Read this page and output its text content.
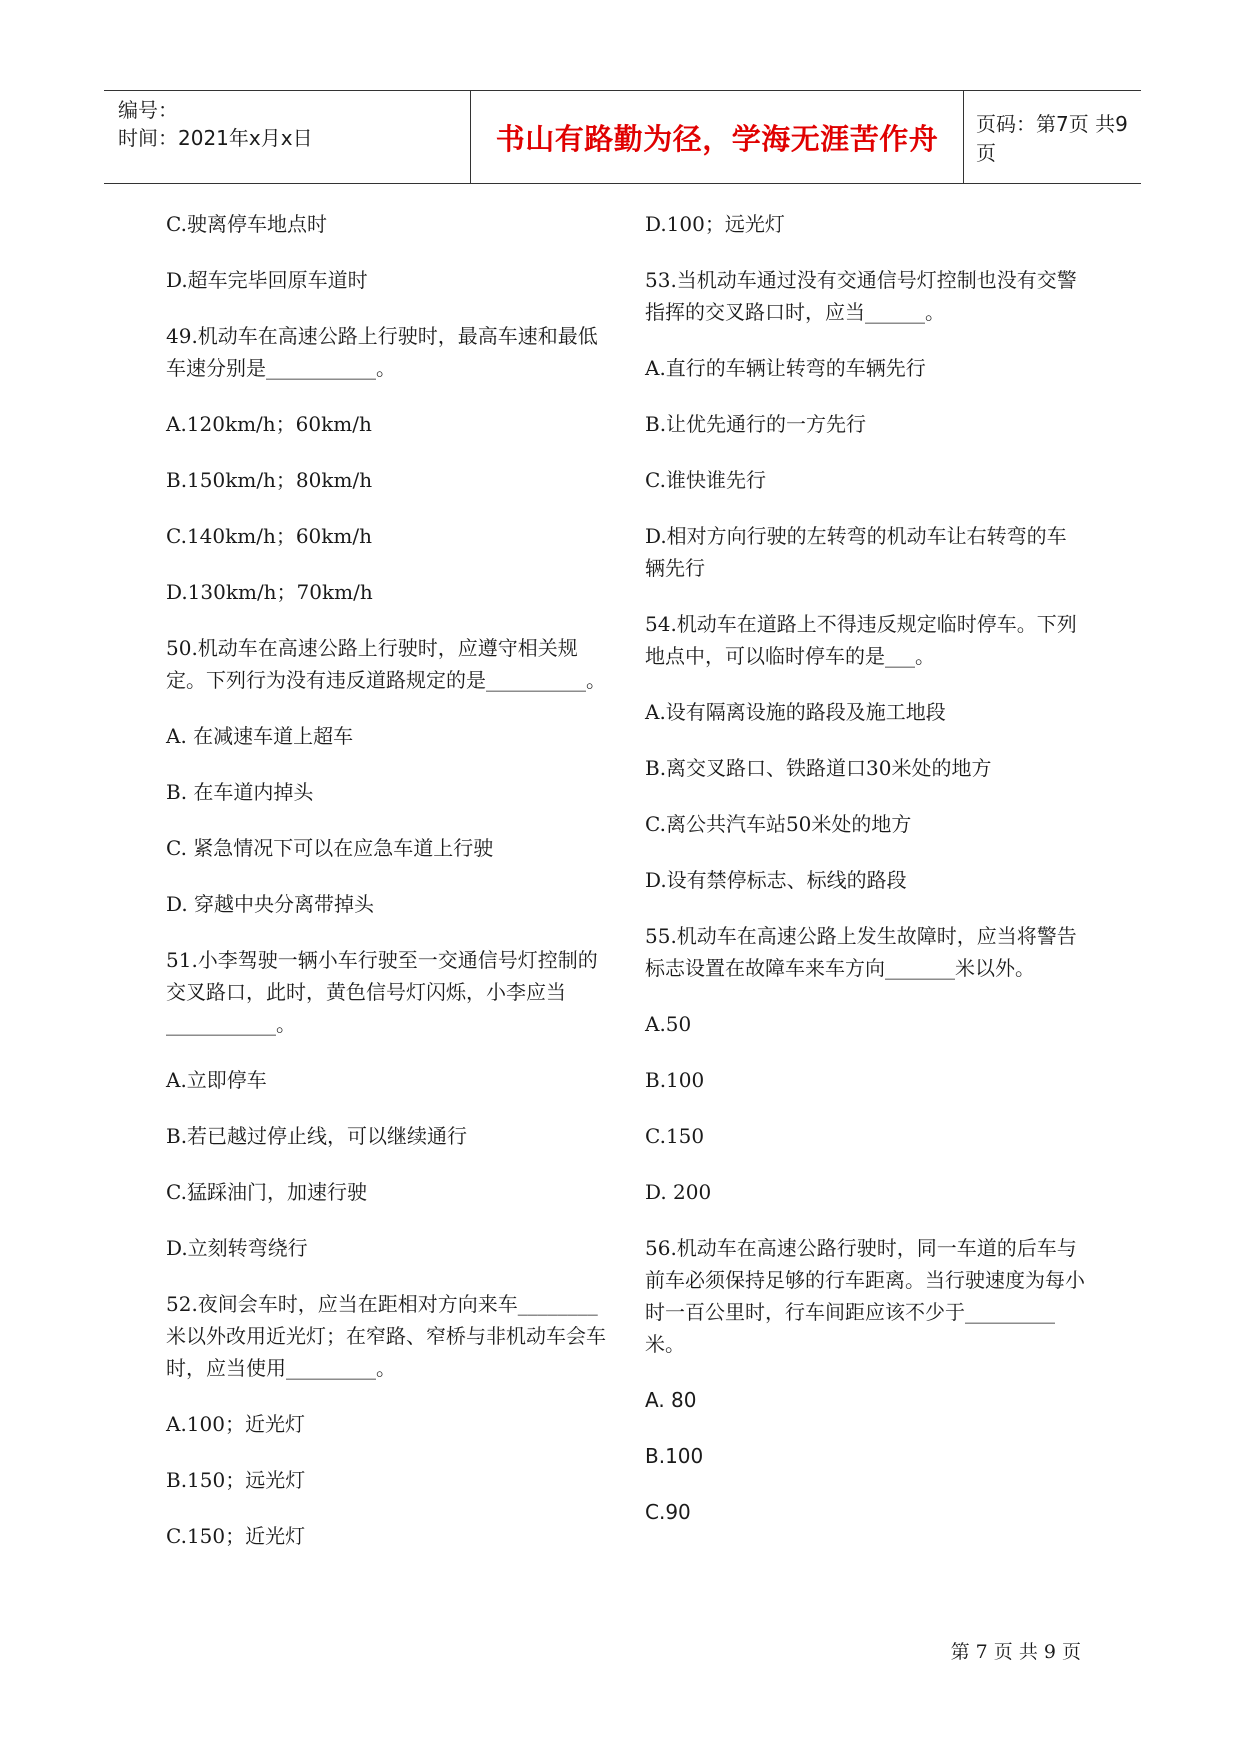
编号：
时间：2021年x月x日	书山有路勤为径，学海无涯苦作舟	页码：第7页 共9页

C.驶离停车地点时

D.超车完毕回原车道时

49.机动车在高速公路上行驶时，最高车速和最低车速分别是___________。

A.120km/h；60km/h

B.150km/h；80km/h

C.140km/h；60km/h

D.130km/h；70km/h

50.机动车在高速公路上行驶时，应遵守相关规定。下列行为没有违反道路规定的是__________。

A. 在减速车道上超车

B. 在车道内掉头

C. 紧急情况下可以在应急车道上行驶

D. 穿越中央分离带掉头

51.小李驾驶一辆小车行驶至一交通信号灯控制的交叉路口，此时，黄色信号灯闪烁，小李应当___________。

A.立即停车

B.若已越过停止线，可以继续通行

C.猛踩油门，加速行驶

D.立刻转弯绕行

52.夜间会车时，应当在距相对方向来车________米以外改用近光灯；在窄路、窄桥与非机动车会车时，应当使用_________。

A.100；近光灯

B.150；远光灯

C.150；近光灯

D.100；远光灯

53.当机动车通过没有交通信号灯控制也没有交警指挥的交叉路口时，应当______。

A.直行的车辆让转弯的车辆先行

B.让优先通行的一方先行

C.谁快谁先行

D.相对方向行驶的左转弯的机动车让右转弯的车辆先行

54.机动车在道路上不得违反规定临时停车。下列地点中，可以临时停车的是___。

A.设有隔离设施的路段及施工地段

B.离交叉路口、铁路道口30米处的地方

C.离公共汽车站50米处的地方

D.设有禁停标志、标线的路段

55.机动车在高速公路上发生故障时，应当将警告标志设置在故障车来车方向_______米以外。

A.50

B.100

C.150

D. 200

56.机动车在高速公路行驶时，同一车道的后车与前车必须保持足够的行车距离。当行驶速度为每小时一百公里时，行车间距应该不少于_________米。

A. 80

B.100

C.90

第 7 页 共 9 页
